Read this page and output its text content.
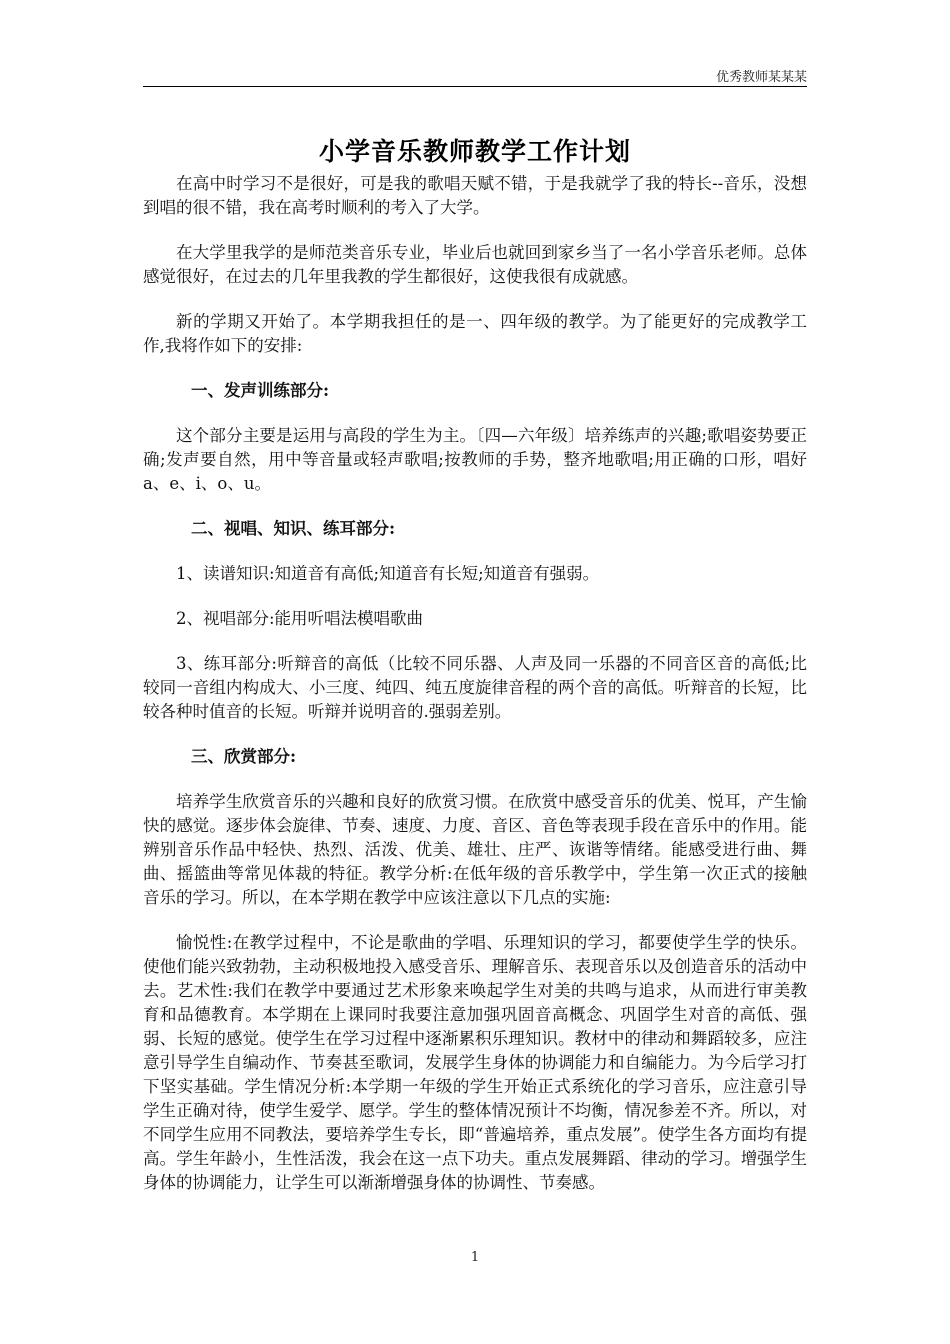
优秀教师某某某
小学音乐教师教学工作计划

在高中时学习不是很好，可是我的歌唱天赋不错，于是我就学了我的特长--音乐，没想到唱的很不错，我在高考时顺利的考入了大学。

在大学里我学的是师范类音乐专业，毕业后也就回到家乡当了一名小学音乐老师。总体感觉很好，在过去的几年里我教的学生都很好，这使我很有成就感。

新的学期又开始了。本学期我担任的是一、四年级的教学。为了能更好的完成教学工作,我将作如下的安排:

一、发声训练部分:

这个部分主要是运用与高段的学生为主。〔四—六年级〕培养练声的兴趣;歌唱姿势要正确;发声要自然，用中等音量或轻声歌唱;按教师的手势，整齐地歌唱;用正确的口形，唱好a、e、i、o、u。

二、视唱、知识、练耳部分:

1、读谱知识:知道音有高低;知道音有长短;知道音有强弱。

2、视唱部分:能用听唱法模唱歌曲

3、练耳部分:听辩音的高低（比较不同乐器、人声及同一乐器的不同音区音的高低;比较同一音组内构成大、小三度、纯四、纯五度旋律音程的两个音的高低。听辩音的长短，比较各种时值音的长短。听辩并说明音的.强弱差别。

三、欣赏部分:

培养学生欣赏音乐的兴趣和良好的欣赏习惯。在欣赏中感受音乐的优美、悦耳，产生愉快的感觉。逐步体会旋律、节奏、速度、力度、音区、音色等表现手段在音乐中的作用。能辨别音乐作品中轻快、热烈、活泼、优美、雄壮、庄严、诙谐等情绪。能感受进行曲、舞曲、摇篮曲等常见体裁的特征。教学分析:在低年级的音乐教学中，学生第一次正式的接触音乐的学习。所以，在本学期在教学中应该注意以下几点的实施:

愉悦性:在教学过程中，不论是歌曲的学唱、乐理知识的学习，都要使学生学的快乐。使他们能兴致勃勃，主动积极地投入感受音乐、理解音乐、表现音乐以及创造音乐的活动中去。艺术性:我们在教学中要通过艺术形象来唤起学生对美的共鸣与追求，从而进行审美教育和品德教育。本学期在上课同时我要注意加强巩固音高概念、巩固学生对音的高低、强弱、长短的感觉。使学生在学习过程中逐渐累积乐理知识。教材中的律动和舞蹈较多，应注意引导学生自编动作、节奏甚至歌词，发展学生身体的协调能力和自编能力。为今后学习打下坚实基础。学生情况分析:本学期一年级的学生开始正式系统化的学习音乐，应注意引导学生正确对待，使学生爱学、愿学。学生的整体情况预计不均衡，情况参差不齐。所以，对不同学生应用不同教法，要培养学生专长，即“普遍培养，重点发展”。使学生各方面均有提高。学生年龄小，生性活泼，我会在这一点下功夫。重点发展舞蹈、律动的学习。增强学生身体的协调能力，让学生可以渐渐增强身体的协调性、节奏感。

1
